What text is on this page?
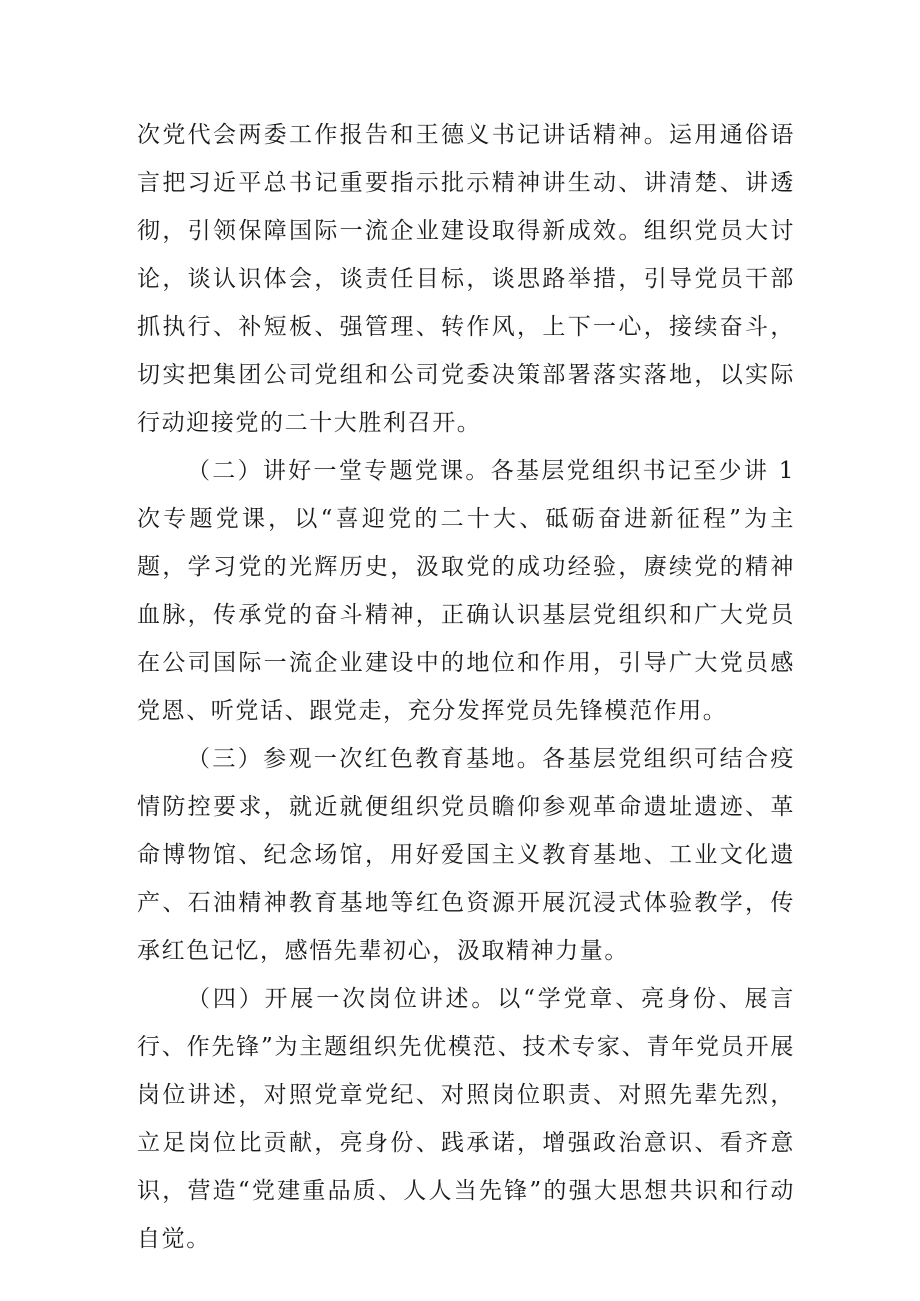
次党代会两委工作报告和王德义书记讲话精神。运用通俗语言把习近平总书记重要指示批示精神讲生动、讲清楚、讲透彻，引领保障国际一流企业建设取得新成效。组织党员大讨论，谈认识体会，谈责任目标，谈思路举措，引导党员干部抓执行、补短板、强管理、转作风，上下一心，接续奋斗，切实把集团公司党组和公司党委决策部署落实落地，以实际行动迎接党的二十大胜利召开。

（二）讲好一堂专题党课。各基层党组织书记至少讲 1 次专题党课，以“喜迎党的二十大、砥砺奋进新征程”为主题，学习党的光辉历史，汲取党的成功经验，赓续党的精神血脉，传承党的奋斗精神，正确认识基层党组织和广大党员在公司国际一流企业建设中的地位和作用，引导广大党员感党恩、听党话、跟党走，充分发挥党员先锋模范作用。

（三）参观一次红色教育基地。各基层党组织可结合疫情防控要求，就近就便组织党员瞻仰参观革命遗址遗迹、革命博物馆、纪念场馆，用好爱国主义教育基地、工业文化遗产、石油精神教育基地等红色资源开展沉浸式体验教学，传承红色记忆，感悟先辈初心，汲取精神力量。

（四）开展一次岗位讲述。以“学党章、亮身份、展言行、作先锋”为主题组织先优模范、技术专家、青年党员开展岗位讲述，对照党章党纪、对照岗位职责、对照先辈先烈，立足岗位比贡献，亮身份、践承诺，增强政治意识、看齐意识，营造“党建重品质、人人当先锋”的强大思想共识和行动自觉。
